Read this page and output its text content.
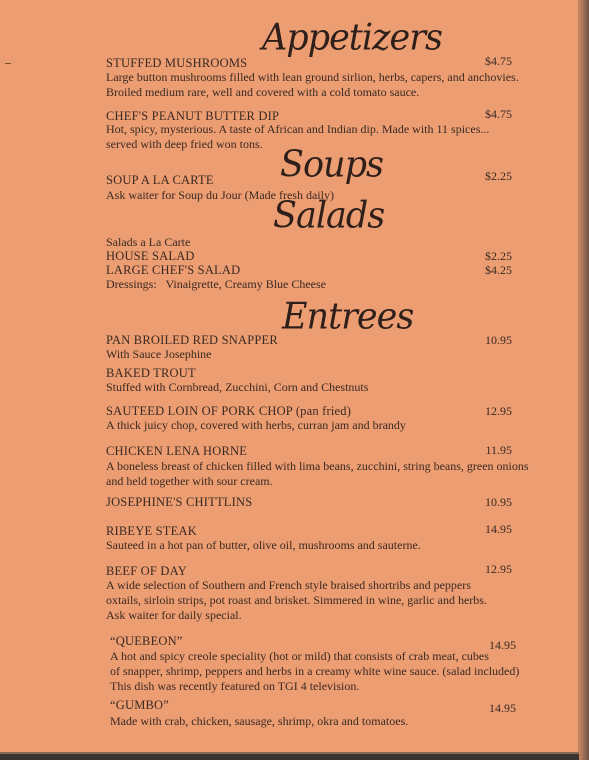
Appetizers
STUFFED MUSHROOMS	$4.75
Large button mushrooms filled with lean ground sirlion, herbs, capers, and anchovies.
Broiled medium rare, well and covered with a cold tomato sauce.
CHEF'S PEANUT BUTTER DIP	$4.75
Hot, spicy, mysterious. A taste of African and Indian dip. Made with 11 spices...
served with deep fried won tons. Soups
SOUP A LA CARTE	$2.25
Ask waiter for Soup du Jour (Made fresh daily)
Salads
Salads a La Carte
HOUSE SALAD	$2.25
LARGE CHEF'S SALAD	$4.25
Dressings:   Vinaigrette, Creamy Blue Cheese
Entrees
PAN BROILED RED SNAPPER	10.95
With Sauce Josephine
BAKED TROUT
Stuffed with Cornbread, Zucchini, Corn and Chestnuts
SAUTEED LOIN OF PORK CHOP (pan fried)	12.95
A thick juicy chop, covered with herbs, curran jam and brandy
CHICKEN LENA HORNE	11.95
A boneless breast of chicken filled with lima beans, zucchini, string beans, green onions
and held together with sour cream.
JOSEPHINE'S CHITTLINS	10.95
RIBEYE STEAK	14.95
Sauteed in a hot pan of butter, olive oil, mushrooms and sauterne.
BEEF OF DAY	12.95
A wide selection of Southern and French style braised shortribs and peppers
oxtails, sirloin strips, pot roast and brisket. Simmered in wine, garlic and herbs.
Ask waiter for daily special.
“QUEBEON”	14.95
A hot and spicy creole speciality (hot or mild) that consists of crab meat, cubes
of snapper, shrimp, peppers and herbs in a creamy white wine sauce. (salad included)
This dish was recently featured on TGI 4 television.
“GUMBO”	14.95
Made with crab, chicken, sausage, shrimp, okra and tomatoes.
